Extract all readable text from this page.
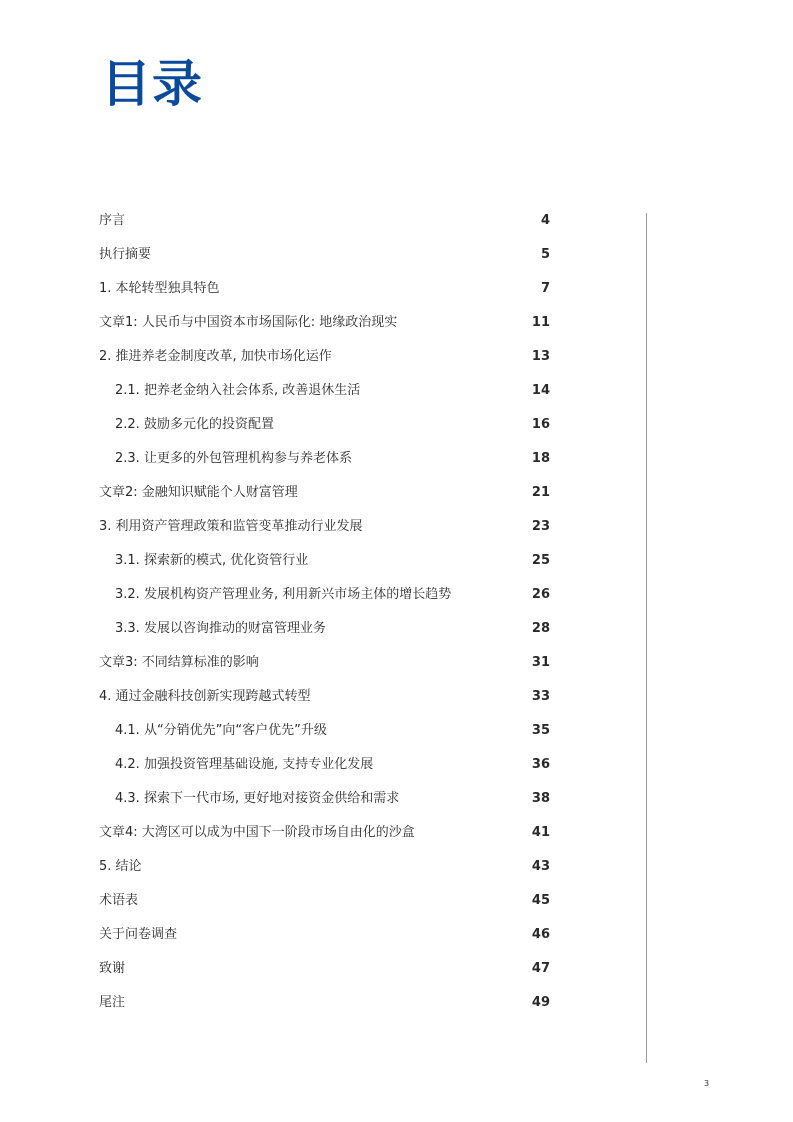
目录
序言	4
执行摘要	5
1. 本轮转型独具特色	7
文章1: 人民币与中国资本市场国际化: 地缘政治现实	11
2. 推进养老金制度改革, 加快市场化运作	13
2.1. 把养老金纳入社会体系, 改善退休生活	14
2.2. 鼓励多元化的投资配置	16
2.3. 让更多的外包管理机构参与养老体系	18
文章2: 金融知识赋能个人财富管理	21
3. 利用资产管理政策和监管变革推动行业发展	23
3.1. 探索新的模式, 优化资管行业	25
3.2. 发展机构资产管理业务, 利用新兴市场主体的增长趋势	26
3.3. 发展以咨询推动的财富管理业务	28
文章3: 不同结算标准的影响	31
4. 通过金融科技创新实现跨越式转型	33
4.1. 从“分销优先”向“客户优先”升级	35
4.2. 加强投资管理基础设施, 支持专业化发展	36
4.3. 探索下一代市场, 更好地对接资金供给和需求	38
文章4: 大湾区可以成为中国下一阶段市场自由化的沙盒	41
5. 结论	43
术语表	45
关于问卷调查	46
致谢	47
尾注	49
3
